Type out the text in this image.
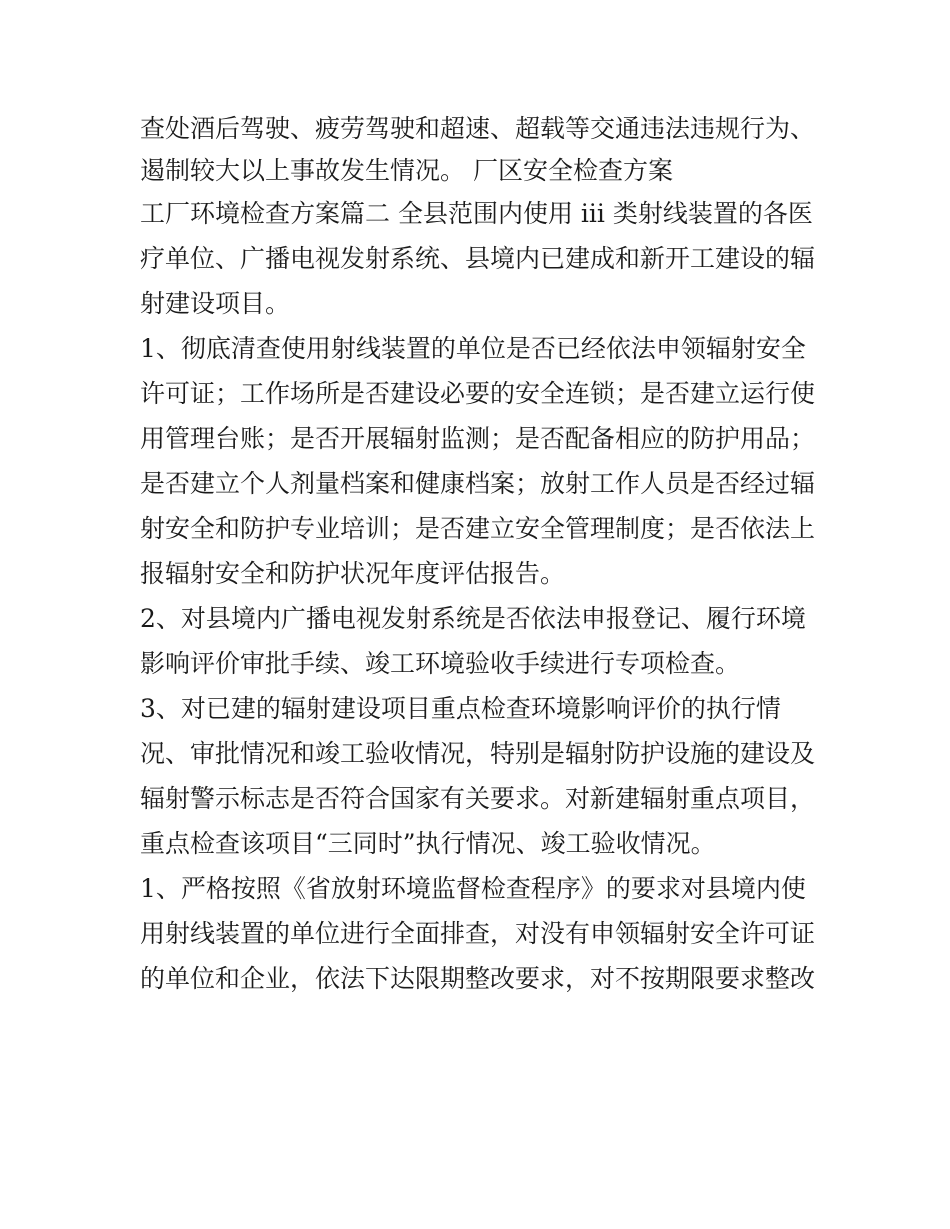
查处酒后驾驶、疲劳驾驶和超速、超载等交通违法违规行为、
遏制较大以上事故发生情况。 厂区安全检查方案
工厂环境检查方案篇二 全县范围内使用 iii 类射线装置的各医
疗单位、广播电视发射系统、县境内已建成和新开工建设的辐
射建设项目。
1、彻底清查使用射线装置的单位是否已经依法申领辐射安全
许可证；工作场所是否建设必要的安全连锁；是否建立运行使
用管理台账；是否开展辐射监测；是否配备相应的防护用品；
是否建立个人剂量档案和健康档案；放射工作人员是否经过辐
射安全和防护专业培训；是否建立安全管理制度；是否依法上
报辐射安全和防护状况年度评估报告。
2、对县境内广播电视发射系统是否依法申报登记、履行环境
影响评价审批手续、竣工环境验收手续进行专项检查。
3、对已建的辐射建设项目重点检查环境影响评价的执行情
况、审批情况和竣工验收情况，特别是辐射防护设施的建设及
辐射警示标志是否符合国家有关要求。对新建辐射重点项目，
重点检查该项目“三同时”执行情况、竣工验收情况。
1、严格按照《省放射环境监督检查程序》的要求对县境内使
用射线装置的单位进行全面排查，对没有申领辐射安全许可证
的单位和企业，依法下达限期整改要求，对不按期限要求整改
